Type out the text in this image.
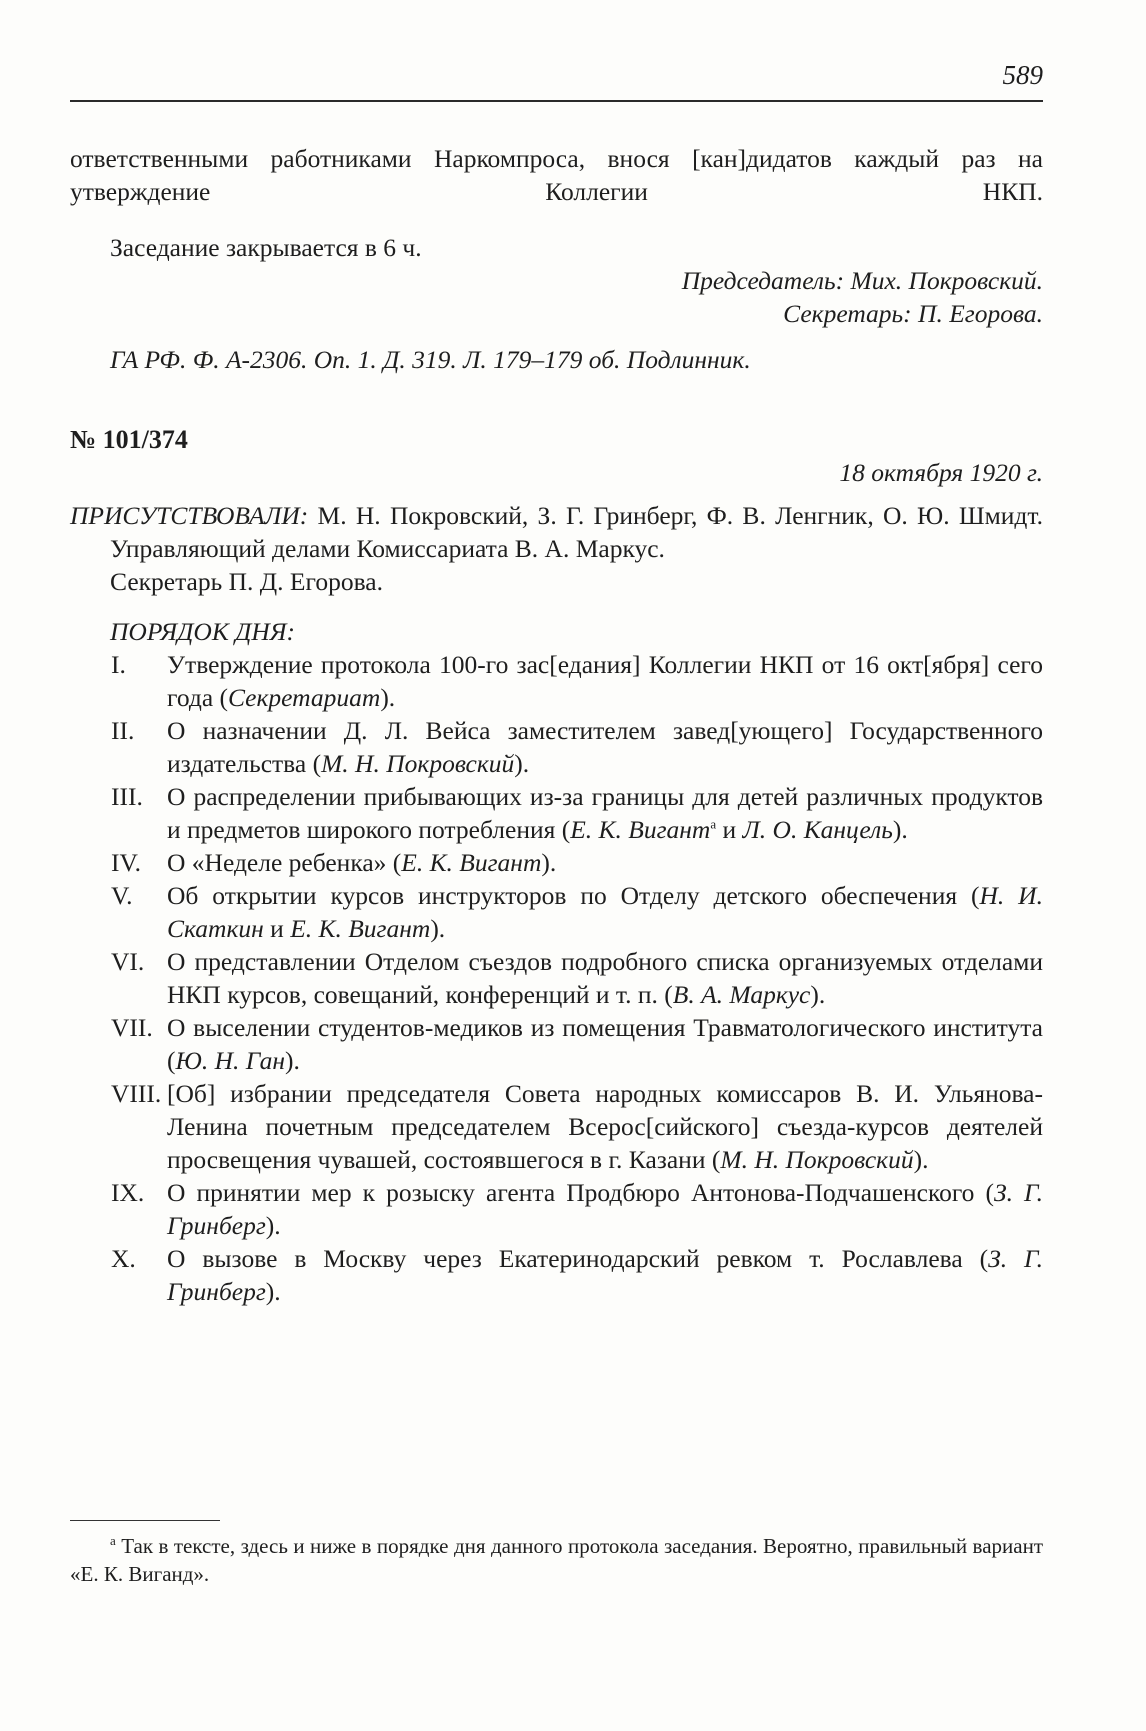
589

ответственными работниками Наркомпроса, внося [кан]дидатов каждый раз на утверждение Коллегии НКП.

Заседание закрывается в 6 ч.

Председатель: Мих. Покровский.

Секретарь: П. Егорова.

ГА РФ. Ф. А-2306. Оп. 1. Д. 319. Л. 179–179 об. Подлинник.

№ 101/374

18 октября 1920 г.

ПРИСУТСТВОВАЛИ: М. Н. Покровский, З. Г. Гринберг, Ф. В. Ленгник, О. Ю. Шмидт.

Управляющий делами Комиссариата В. А. Маркус.

Секретарь П. Д. Егорова.

ПОРЯДОК ДНЯ:

I.	Утверждение протокола 100-го зас[едания] Коллегии НКП от 16 окт[ября] сего года (Секретариат).
II.	О назначении Д. Л. Вейса заместителем завед[ующего] Государственного издательства (М. Н. Покровский).
III. О распределении прибывающих из-за границы для детей различных продуктов и предметов широкого потребления (Е. К. Вигант$^а$ и Л. О. Канцель).
IV.	О «Неделе ребенка» (Е. К. Вигант).
V.	Об открытии курсов инструкторов по Отделу детского обеспечения (Н. И. Скаткин и Е. К. Вигант).
VI. О представлении Отделом съездов подробного списка организуемых отделами НКП курсов, совещаний, конференций и т. п. (В. А. Маркус).
VII. О выселении студентов-медиков из помещения Травматологического института (Ю. Н. Ган).
VIII. [Об] избрании председателя Совета народных комиссаров В. И. Ульянова-Ленина почетным председателем Всерос[сийского] съезда-курсов деятелей просвещения чувашей, состоявшегося в г. Казани (М. Н. Покровский).
IX. О принятии мер к розыску агента Продбюро Антонова-Подчашенского (З. Г. Гринберг).
X.	О вызове в Москву через Екатеринодарский ревком т. Рославлева (З. Г. Гринберг).

$^а$ Так в тексте, здесь и ниже в порядке дня данного протокола заседания. Вероятно, правильный вариант «Е. К. Виганд».
